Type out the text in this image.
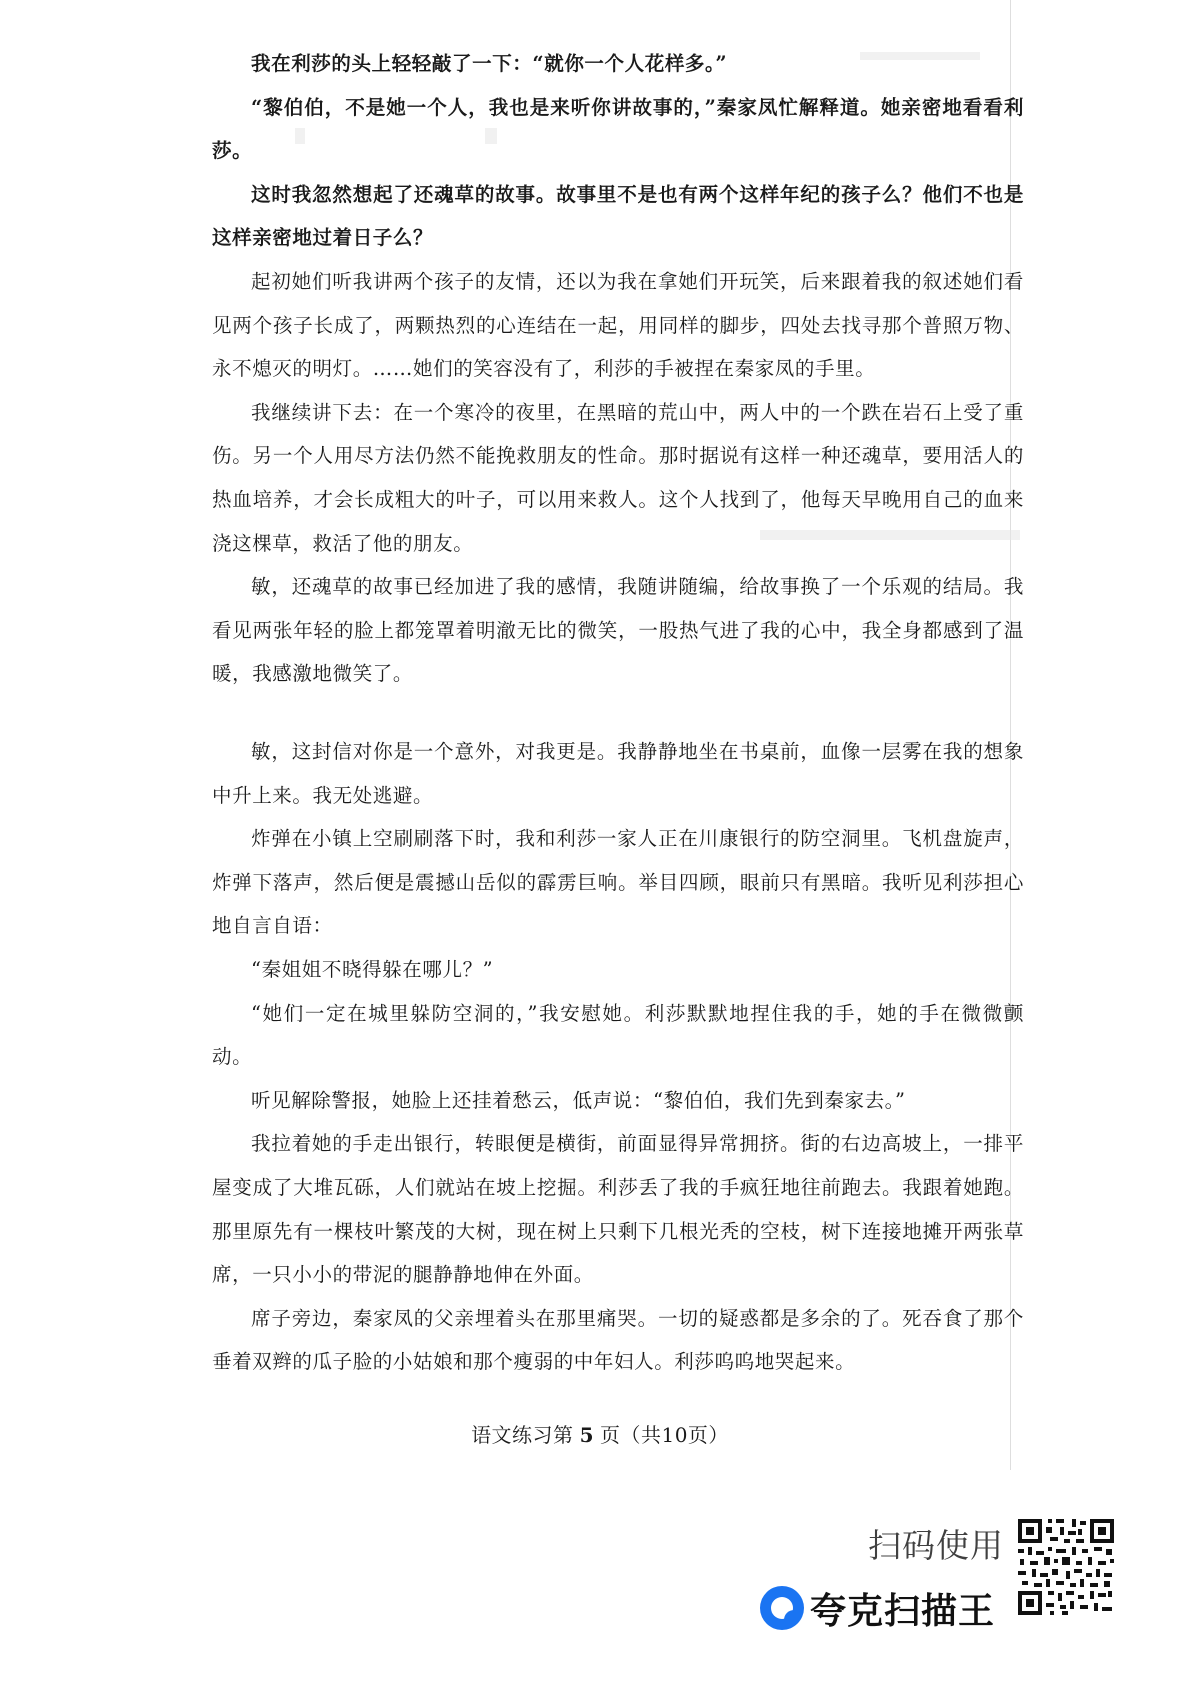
我在利莎的头上轻轻敲了一下：“就你一个人花样多。”

“黎伯伯，不是她一个人，我也是来听你讲故事的，”秦家凤忙解释道。她亲密地看看利莎。

这时我忽然想起了还魂草的故事。故事里不是也有两个这样年纪的孩子么？他们不也是这样亲密地过着日子么？

起初她们听我讲两个孩子的友情，还以为我在拿她们开玩笑，后来跟着我的叙述她们看见两个孩子长成了，两颗热烈的心连结在一起，用同样的脚步，四处去找寻那个普照万物、永不熄灭的明灯。……她们的笑容没有了，利莎的手被捏在秦家凤的手里。

我继续讲下去：在一个寒冷的夜里，在黑暗的荒山中，两人中的一个跌在岩石上受了重伤。另一个人用尽方法仍然不能挽救朋友的性命。那时据说有这样一种还魂草，要用活人的热血培养，才会长成粗大的叶子，可以用来救人。这个人找到了，他每天早晚用自己的血来浇这棵草，救活了他的朋友。

敏，还魂草的故事已经加进了我的感情，我随讲随编，给故事换了一个乐观的结局。我看见两张年轻的脸上都笼罩着明澈无比的微笑，一股热气进了我的心中，我全身都感到了温暖，我感激地微笑了。

敏，这封信对你是一个意外，对我更是。我静静地坐在书桌前，血像一层雾在我的想象中升上来。我无处逃避。

炸弹在小镇上空刷刷落下时，我和利莎一家人正在川康银行的防空洞里。飞机盘旋声，炸弹下落声，然后便是震撼山岳似的霹雳巨响。举目四顾，眼前只有黑暗。我听见利莎担心地自言自语：

“秦姐姐不晓得躲在哪儿？”

“她们一定在城里躲防空洞的，”我安慰她。利莎默默地捏住我的手，她的手在微微颤动。

听见解除警报，她脸上还挂着愁云，低声说：“黎伯伯，我们先到秦家去。”

我拉着她的手走出银行，转眼便是横街，前面显得异常拥挤。街的右边高坡上，一排平屋变成了大堆瓦砾，人们就站在坡上挖掘。利莎丢了我的手疯狂地往前跑去。我跟着她跑。那里原先有一棵枝叶繁茂的大树，现在树上只剩下几根光秃的空枝，树下连接地摊开两张草席，一只小小的带泥的腿静静地伸在外面。

席子旁边，秦家凤的父亲埋着头在那里痛哭。一切的疑惑都是多余的了。死吞食了那个垂着双辫的瓜子脸的小姑娘和那个瘦弱的中年妇人。利莎呜呜地哭起来。

语文练习第 5 页（共10页）
扫码使用
夸克扫描王
